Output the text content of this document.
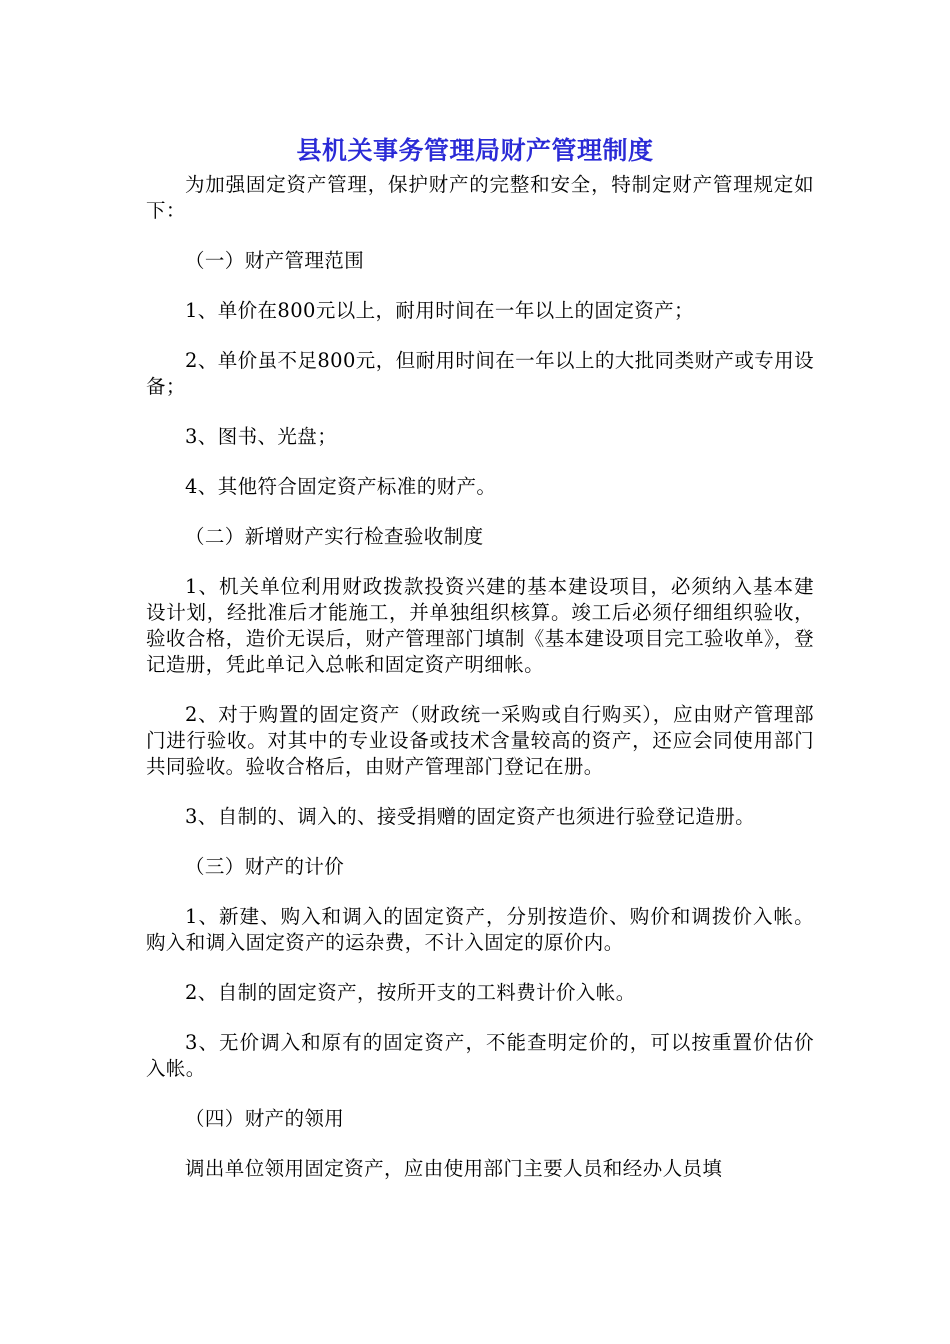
县机关事务管理局财产管理制度

为加强固定资产管理，保护财产的完整和安全，特制定财产管理规定如下：

（一）财产管理范围

1、单价在800元以上，耐用时间在一年以上的固定资产；

2、单价虽不足800元，但耐用时间在一年以上的大批同类财产或专用设备；

3、图书、光盘；

4、其他符合固定资产标准的财产。

（二）新增财产实行检查验收制度

1、机关单位利用财政拨款投资兴建的基本建设项目，必须纳入基本建设计划，经批准后才能施工，并单独组织核算。竣工后必须仔细组织验收，验收合格，造价无误后，财产管理部门填制《基本建设项目完工验收单》，登记造册，凭此单记入总帐和固定资产明细帐。

2、对于购置的固定资产（财政统一采购或自行购买），应由财产管理部门进行验收。对其中的专业设备或技术含量较高的资产，还应会同使用部门共同验收。验收合格后，由财产管理部门登记在册。

3、自制的、调入的、接受捐赠的固定资产也须进行验登记造册。

（三）财产的计价

1、新建、购入和调入的固定资产，分别按造价、购价和调拨价入帐。购入和调入固定资产的运杂费，不计入固定的原价内。

2、自制的固定资产，按所开支的工料费计价入帐。

3、无价调入和原有的固定资产，不能查明定价的，可以按重置价估价入帐。

（四）财产的领用

调出单位领用固定资产，应由使用部门主要人员和经办人员填
